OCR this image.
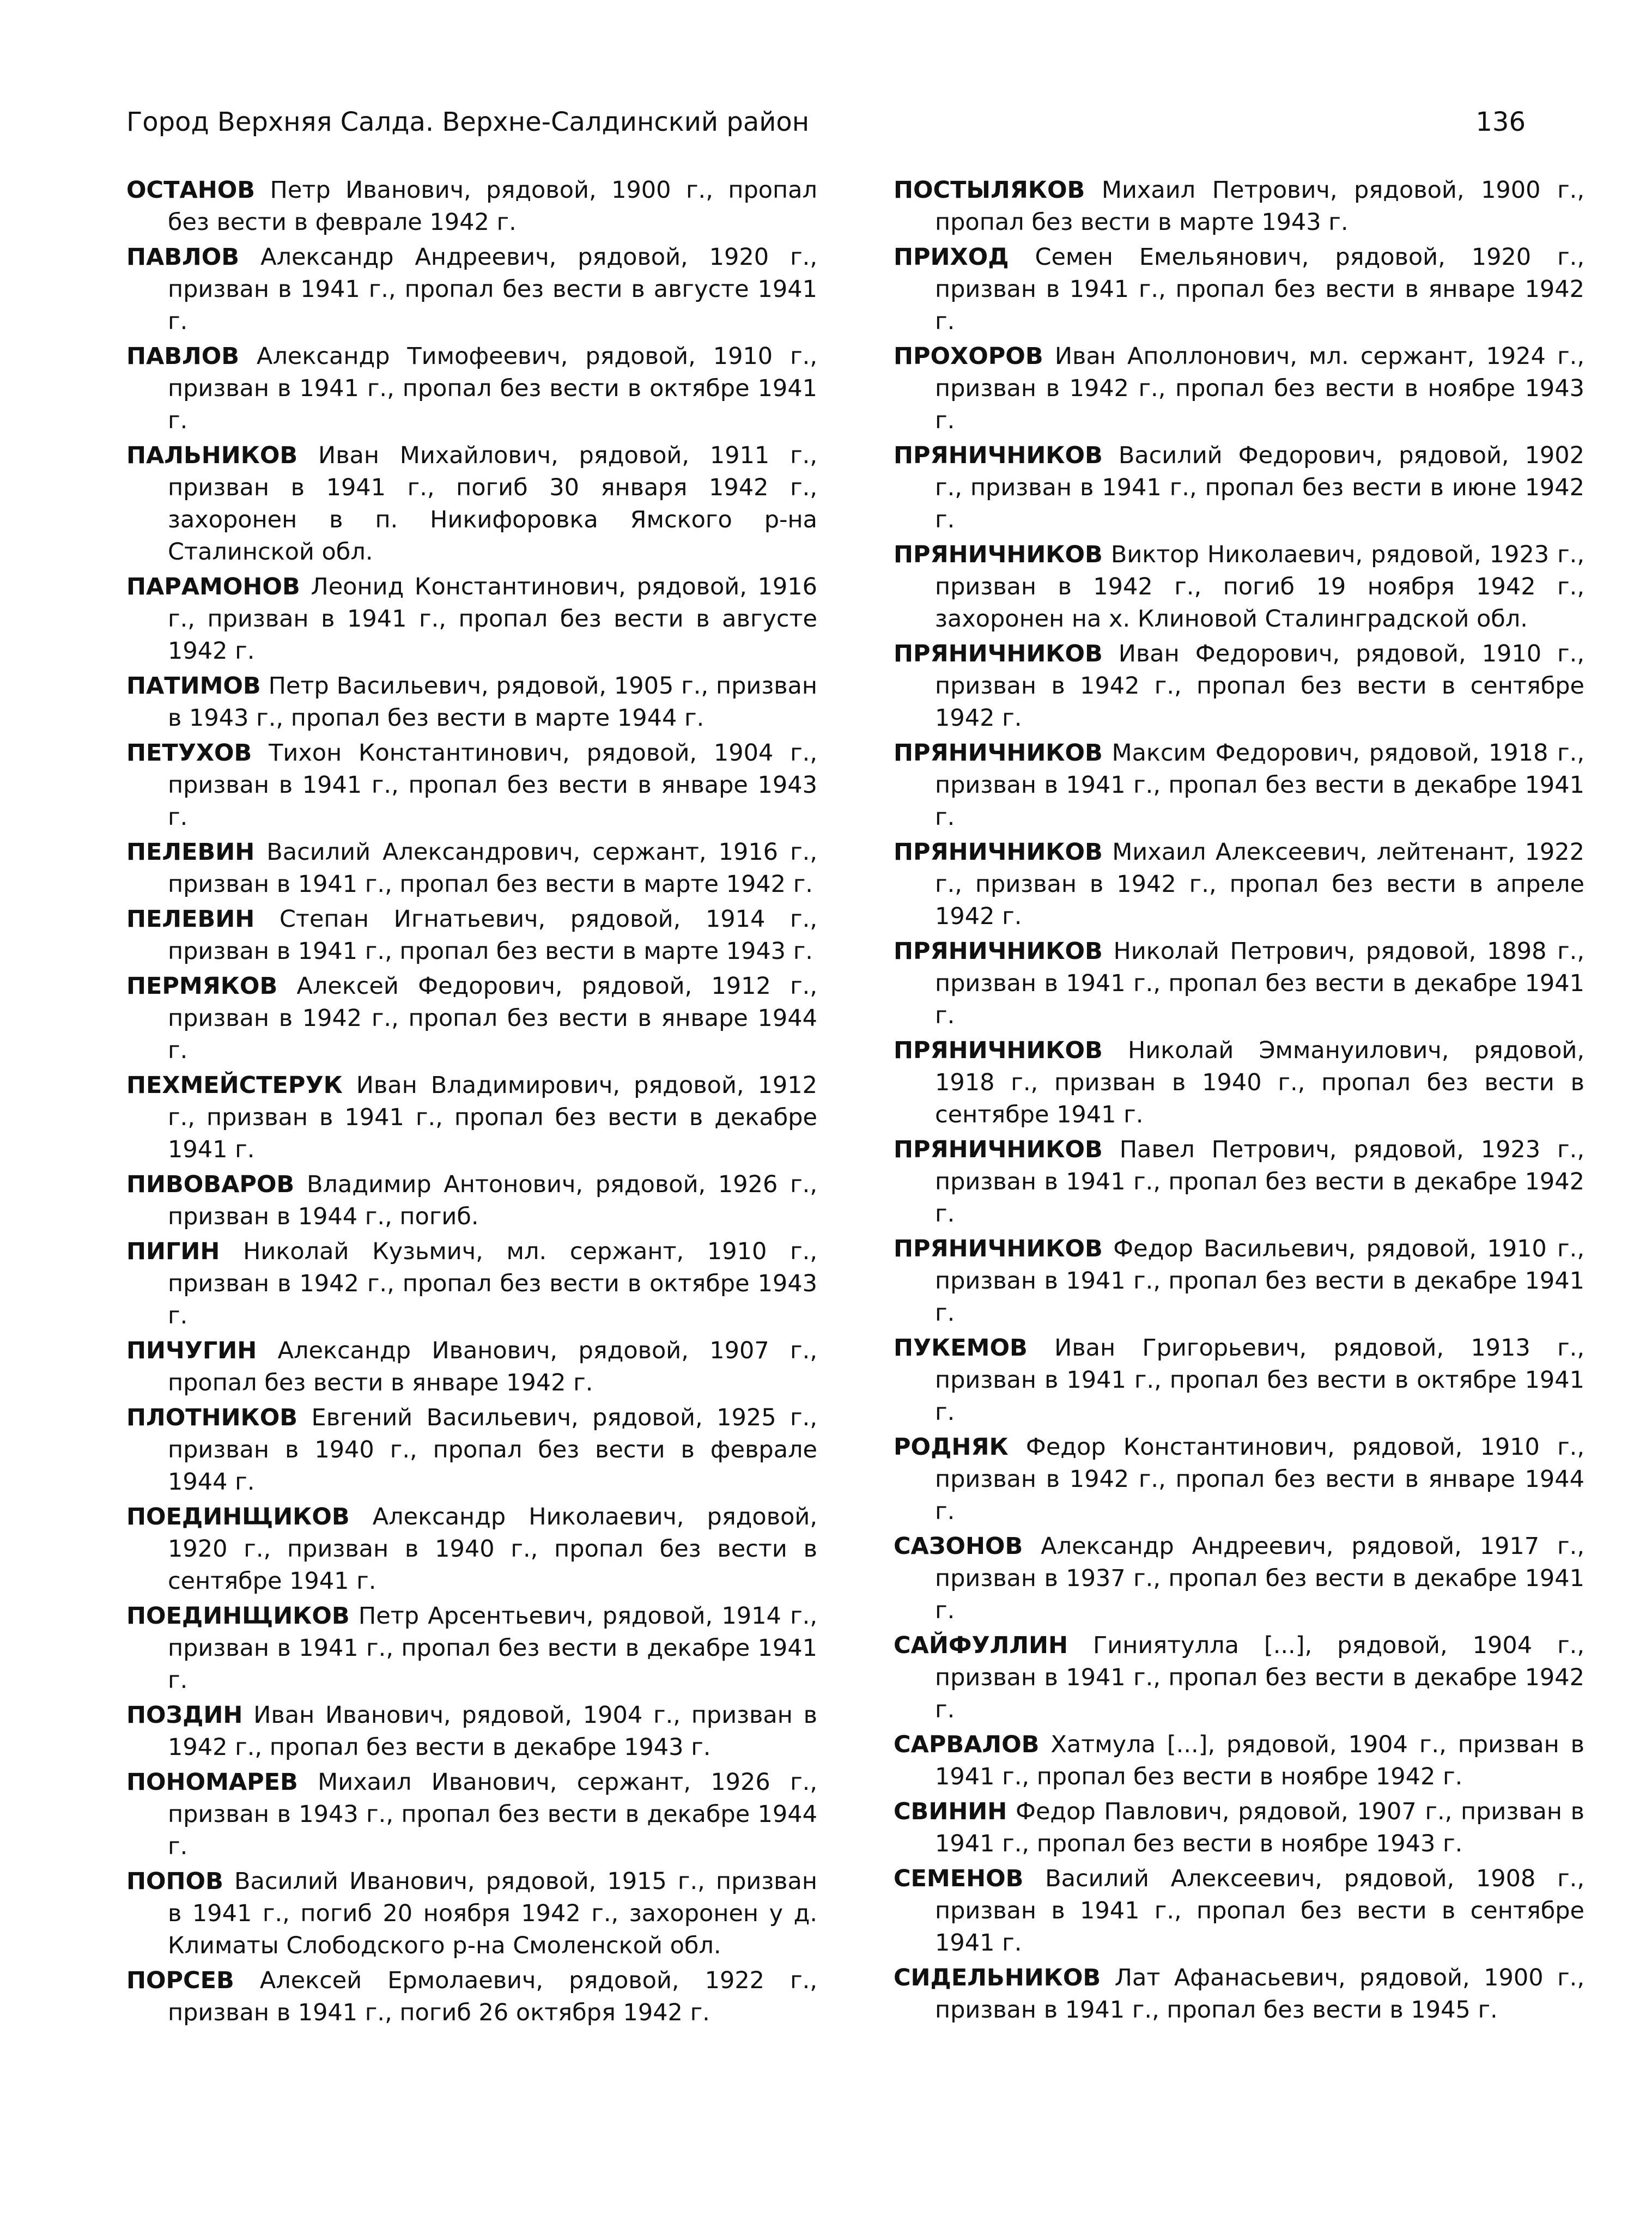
Город Верхняя Салда. Верхне-Салдинский район	136

ОСТАНОВ Петр Иванович, рядовой, 1900 г., пропал без вести в феврале 1942 г.

ПАВЛОВ Александр Андреевич, рядовой, 1920 г., призван в 1941 г., пропал без вести в августе 1941 г.

ПАВЛОВ Александр Тимофеевич, рядовой, 1910 г., призван в 1941 г., пропал без вести в октябре 1941 г.

ПАЛЬНИКОВ Иван Михайлович, рядовой, 1911 г., призван в 1941 г., погиб 30 января 1942 г., захоронен в п. Никифоровка Ямского р-на Сталинской обл.

ПАРАМОНОВ Леонид Константинович, рядовой, 1916 г., призван в 1941 г., пропал без вести в августе 1942 г.

ПАТИМОВ Петр Васильевич, рядовой, 1905 г., призван в 1943 г., пропал без вести в марте 1944 г.

ПЕТУХОВ Тихон Константинович, рядовой, 1904 г., призван в 1941 г., пропал без вести в январе 1943 г.

ПЕЛЕВИН Василий Александрович, сержант, 1916 г., призван в 1941 г., пропал без вести в марте 1942 г.

ПЕЛЕВИН Степан Игнатьевич, рядовой, 1914 г., призван в 1941 г., пропал без вести в марте 1943 г.

ПЕРМЯКОВ Алексей Федорович, рядовой, 1912 г., призван в 1942 г., пропал без вести в январе 1944 г.

ПЕХМЕЙСТЕРУК Иван Владимирович, рядовой, 1912 г., призван в 1941 г., пропал без вести в декабре 1941 г.

ПИВОВАРОВ Владимир Антонович, рядовой, 1926 г., призван в 1944 г., погиб.

ПИГИН Николай Кузьмич, мл. сержант, 1910 г., призван в 1942 г., пропал без вести в октябре 1943 г.

ПИЧУГИН Александр Иванович, рядовой, 1907 г., пропал без вести в январе 1942 г.

ПЛОТНИКОВ Евгений Васильевич, рядовой, 1925 г., призван в 1940 г., пропал без вести в феврале 1944 г.

ПОЕДИНЩИКОВ Александр Николаевич, рядовой, 1920 г., призван в 1940 г., пропал без вести в сентябре 1941 г.

ПОЕДИНЩИКОВ Петр Арсентьевич, рядовой, 1914 г., призван в 1941 г., пропал без вести в декабре 1941 г.

ПОЗДИН Иван Иванович, рядовой, 1904 г., призван в 1942 г., пропал без вести в декабре 1943 г.

ПОНОМАРЕВ Михаил Иванович, сержант, 1926 г., призван в 1943 г., пропал без вести в декабре 1944 г.

ПОПОВ Василий Иванович, рядовой, 1915 г., призван в 1941 г., погиб 20 ноября 1942 г., захоронен у д. Климаты Слободского р-на Смоленской обл.

ПОРСЕВ Алексей Ермолаевич, рядовой, 1922 г., призван в 1941 г., погиб 26 октября 1942 г.

ПОСТЫЛЯКОВ Михаил Петрович, рядовой, 1900 г., пропал без вести в марте 1943 г.

ПРИХОД Семен Емельянович, рядовой, 1920 г., призван в 1941 г., пропал без вести в январе 1942 г.

ПРОХОРОВ Иван Аполлонович, мл. сержант, 1924 г., призван в 1942 г., пропал без вести в ноябре 1943 г.

ПРЯНИЧНИКОВ Василий Федорович, рядовой, 1902 г., призван в 1941 г., пропал без вести в июне 1942 г.

ПРЯНИЧНИКОВ Виктор Николаевич, рядовой, 1923 г., призван в 1942 г., погиб 19 ноября 1942 г., захоронен на х. Клиновой Сталинградской обл.

ПРЯНИЧНИКОВ Иван Федорович, рядовой, 1910 г., призван в 1942 г., пропал без вести в сентябре 1942 г.

ПРЯНИЧНИКОВ Максим Федорович, рядовой, 1918 г., призван в 1941 г., пропал без вести в декабре 1941 г.

ПРЯНИЧНИКОВ Михаил Алексеевич, лейтенант, 1922 г., призван в 1942 г., пропал без вести в апреле 1942 г.

ПРЯНИЧНИКОВ Николай Петрович, рядовой, 1898 г., призван в 1941 г., пропал без вести в декабре 1941 г.

ПРЯНИЧНИКОВ Николай Эммануилович, рядовой, 1918 г., призван в 1940 г., пропал без вести в сентябре 1941 г.

ПРЯНИЧНИКОВ Павел Петрович, рядовой, 1923 г., призван в 1941 г., пропал без вести в декабре 1942 г.

ПРЯНИЧНИКОВ Федор Васильевич, рядовой, 1910 г., призван в 1941 г., пропал без вести в декабре 1941 г.

ПУКЕМОВ Иван Григорьевич, рядовой, 1913 г., призван в 1941 г., пропал без вести в октябре 1941 г.

РОДНЯК Федор Константинович, рядовой, 1910 г., призван в 1942 г., пропал без вести в январе 1944 г.

САЗОНОВ Александр Андреевич, рядовой, 1917 г., призван в 1937 г., пропал без вести в декабре 1941 г.

САЙФУЛЛИН Гиниятулла [...], рядовой, 1904 г., призван в 1941 г., пропал без вести в декабре 1942 г.

САРВАЛОВ Хатмула [...], рядовой, 1904 г., призван в 1941 г., пропал без вести в ноябре 1942 г.

СВИНИН Федор Павлович, рядовой, 1907 г., призван в 1941 г., пропал без вести в ноябре 1943 г.

СЕМЕНОВ Василий Алексеевич, рядовой, 1908 г., призван в 1941 г., пропал без вести в сентябре 1941 г.

СИДЕЛЬНИКОВ Лат Афанасьевич, рядовой, 1900 г., призван в 1941 г., пропал без вести в 1945 г.
